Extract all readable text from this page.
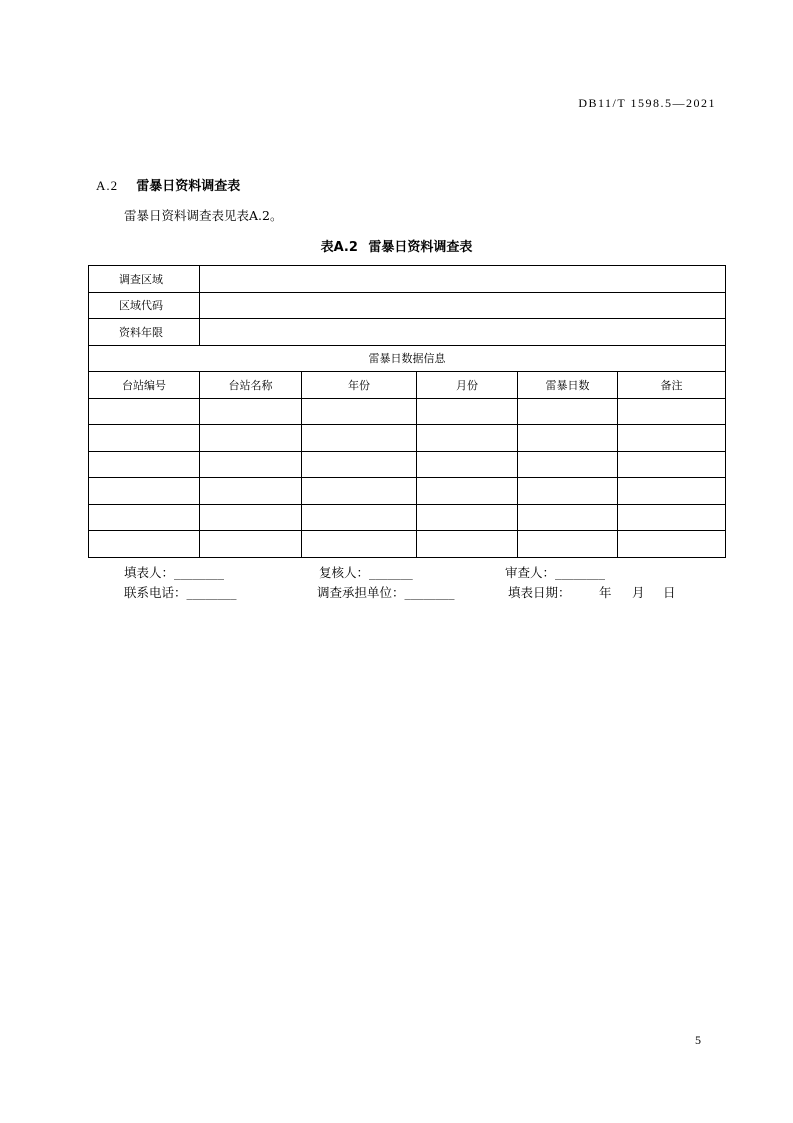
DB11/T 1598.5—2021
A.2 雷暴日资料调查表
雷暴日资料调查表见表A.2。
表A.2 雷暴日资料调查表
调查区域					
区域代码					
资料年限					
雷暴日数据信息					
台站编号	台站名称	年份	月份	雷暴日数	备注

填表人：________	复核人：_______	审查人：________
联系电话：________	调查承担单位：________	填表日期： 年 月 日
5
